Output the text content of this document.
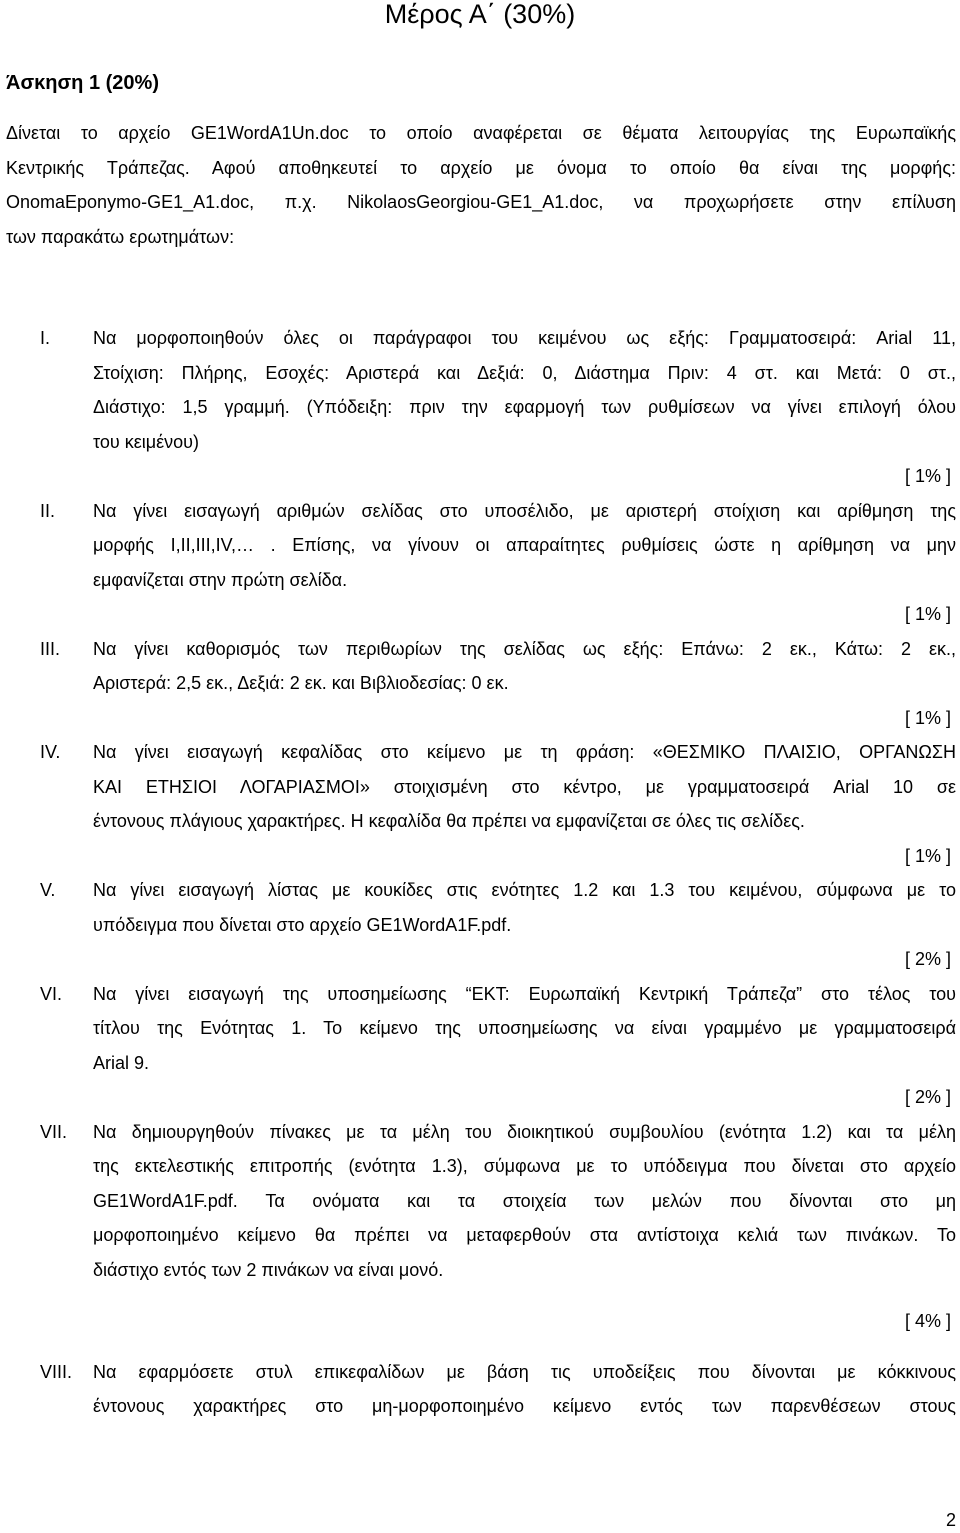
Μέρος Α΄ (30%)
Άσκηση 1 (20%)

Δίνεται το αρχείο GE1WordA1Un.doc το οποίο αναφέρεται σε θέματα λειτουργίας της Ευρωπαϊκής
Κεντρικής Τράπεζας. Αφού αποθηκευτεί το αρχείο με όνομα το οποίο θα είναι της μορφής:
OnomaEponymo-GE1_A1.doc, π.χ. NikolaosGeorgiou-GE1_A1.doc, να προχωρήσετε στην επίλυση
των παρακάτω ερωτημάτων:

I. Να μορφοποιηθούν όλες οι παράγραφοι του κειμένου ως εξής: Γραμματοσειρά: Arial 11,
Στοίχιση: Πλήρης, Εσοχές: Αριστερά και Δεξιά: 0, Διάστημα Πριν: 4 στ. και Μετά: 0 στ.,
Διάστιχο: 1,5 γραμμή. (Υπόδειξη: πριν την εφαρμογή των ρυθμίσεων να γίνει επιλογή όλου
του κειμένου)
[ 1% ]
II. Να γίνει εισαγωγή αριθμών σελίδας στο υποσέλιδο, με αριστερή στοίχιση και αρίθμηση της
μορφής I,II,III,IV,… . Επίσης, να γίνουν οι απαραίτητες ρυθμίσεις ώστε η αρίθμηση να μην
εμφανίζεται στην πρώτη σελίδα.
[ 1% ]
III. Να γίνει καθορισμός των περιθωρίων της σελίδας ως εξής: Επάνω: 2 εκ., Κάτω: 2 εκ.,
Αριστερά: 2,5 εκ., Δεξιά: 2 εκ. και Βιβλιοδεσίας: 0 εκ.
[ 1% ]
IV. Να γίνει εισαγωγή κεφαλίδας στο κείμενο με τη φράση: «ΘΕΣΜΙΚΟ ΠΛΑΙΣΙΟ, ΟΡΓΑΝΩΣΗ
ΚΑΙ ΕΤΗΣΙΟΙ ΛΟΓΑΡΙΑΣΜΟΙ» στοιχισμένη στο κέντρο, με γραμματοσειρά Arial 10 σε
έντονους πλάγιους χαρακτήρες. Η κεφαλίδα θα πρέπει να εμφανίζεται σε όλες τις σελίδες.
[ 1% ]
V. Να γίνει εισαγωγή λίστας με κουκίδες στις ενότητες 1.2 και 1.3 του κειμένου, σύμφωνα με το
υπόδειγμα που δίνεται στο αρχείο GE1WordA1F.pdf.
[ 2% ]
VI. Να γίνει εισαγωγή της υποσημείωσης “ΕΚΤ: Ευρωπαϊκή Κεντρική Τράπεζα” στο τέλος του
τίτλου της Ενότητας 1. Το κείμενο της υποσημείωσης να είναι γραμμένο με γραμματοσειρά
Arial 9.
[ 2% ]
VII. Να δημιουργηθούν πίνακες με τα μέλη του διοικητικού συμβουλίου (ενότητα 1.2) και τα μέλη
της εκτελεστικής επιτροπής (ενότητα 1.3), σύμφωνα με το υπόδειγμα που δίνεται στο αρχείο
GE1WordA1F.pdf. Τα ονόματα και τα στοιχεία των μελών που δίνονται στο μη
μορφοποιημένο κείμενο θα πρέπει να μεταφερθούν στα αντίστοιχα κελιά των πινάκων. Το
διάστιχο εντός των 2 πινάκων να είναι μονό.
[ 4% ]
VIII. Να εφαρμόσετε στυλ επικεφαλίδων με βάση τις υποδείξεις που δίνονται με κόκκινους
έντονους χαρακτήρες στο μη-μορφοποιημένο κείμενο εντός των παρενθέσεων στους
2
